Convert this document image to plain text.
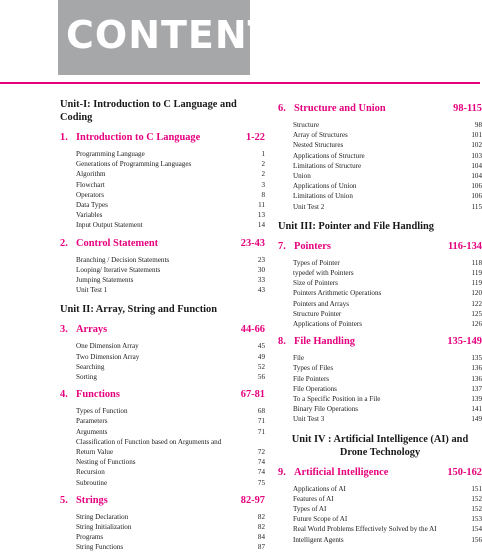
CONTENTS
Unit-I: Introduction to C Language and Coding
1. Introduction to C Language	1-22
Programming Language	1
Generations of Programming Languages	2
Algorithm	2
Flowchart	3
Operators	8
Data Types	11
Variables	13
Input Output Statement	14
2. Control Statement	23-43
Branching / Decision Statements	23
Looping/ Iterative Statements	30
Jumping Statements	33
Unit Test 1	43
Unit II: Array, String and Function
3. Arrays	44-66
One Dimension Array	45
Two Dimension Array	49
Searching	52
Sorting	56
4. Functions	67-81
Types of Function	68
Parameters	71
Arguments	71
Classification of Function based on Arguments and Return Value	72
Nesting of Functions	74
Recursion	74
Subroutine	75
5. Strings	82-97
String Declaration	82
String Initialization	82
Programs	84
String Functions	87
6. Structure and Union	98-115
Structure	98
Array of Structures	101
Nested Structures	102
Applications of Structure	103
Limitations of Structure	104
Union	104
Applications of Union	106
Limitations of Union	106
Unit Test 2	115
Unit III: Pointer and File Handling
7. Pointers	116-134
Types of Pointer	118
typedef with Pointers	119
Size of Pointers	119
Pointers Arithmetic Operations	120
Pointers and Arrays	122
Structure Pointer	125
Applications of Pointers	126
8. File Handling	135-149
File	135
Types of Files	136
File Pointers	136
File Operations	137
To a Specific Position in a File	139
Binary File Operations	141
Unit Test 3	149
Unit IV : Artificial Intelligence (AI) and Drone Technology
9. Artificial Intelligence	150-162
Applications of AI	151
Features of AI	152
Types of AI	152
Future Scope of AI	153
Real World Problems Effectively Solved by the AI	154
Intelligent Agents	156
